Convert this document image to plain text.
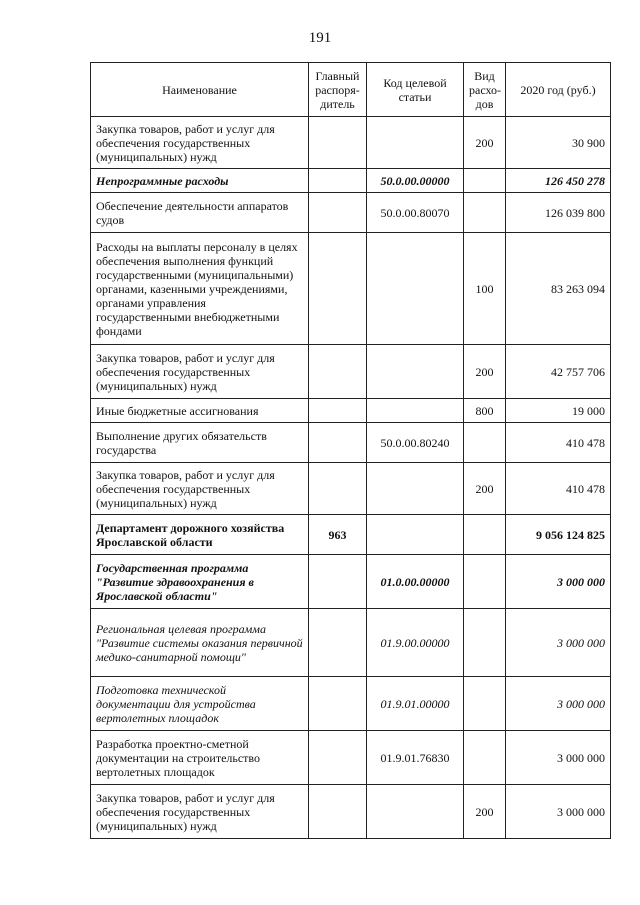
191
Наименование	Главный распоря- дитель	Код целевой статьи	Вид расхо- дов	2020 год (руб.)
Закупка товаров, работ и услуг для обеспечения государственных (муниципальных) нужд			200	30 900
Непрограммные расходы		50.0.00.00000		126 450 278
Обеспечение деятельности аппаратов судов		50.0.00.80070		126 039 800
Расходы на выплаты персоналу в целях обеспечения выполнения функций государственными (муниципальными) органами, казенными учреждениями, органами управления государственными внебюджетными фондами			100	83 263 094
Закупка товаров, работ и услуг для обеспечения государственных (муниципальных) нужд			200	42 757 706
Иные бюджетные ассигнования			800	19 000
Выполнение других обязательств государства		50.0.00.80240		410 478
Закупка товаров, работ и услуг для обеспечения государственных (муниципальных) нужд			200	410 478
Департамент дорожного хозяйства Ярославской области	963			9 056 124 825
Государственная программа "Развитие здравоохранения в Ярославской области"		01.0.00.00000		3 000 000
Региональная целевая программа "Развитие системы оказания первичной медико-санитарной помощи"		01.9.00.00000		3 000 000
Подготовка технической документации для устройства вертолетных площадок		01.9.01.00000		3 000 000
Разработка проектно-сметной документации на строительство вертолетных площадок		01.9.01.76830		3 000 000
Закупка товаров, работ и услуг для обеспечения государственных (муниципальных) нужд			200	3 000 000
